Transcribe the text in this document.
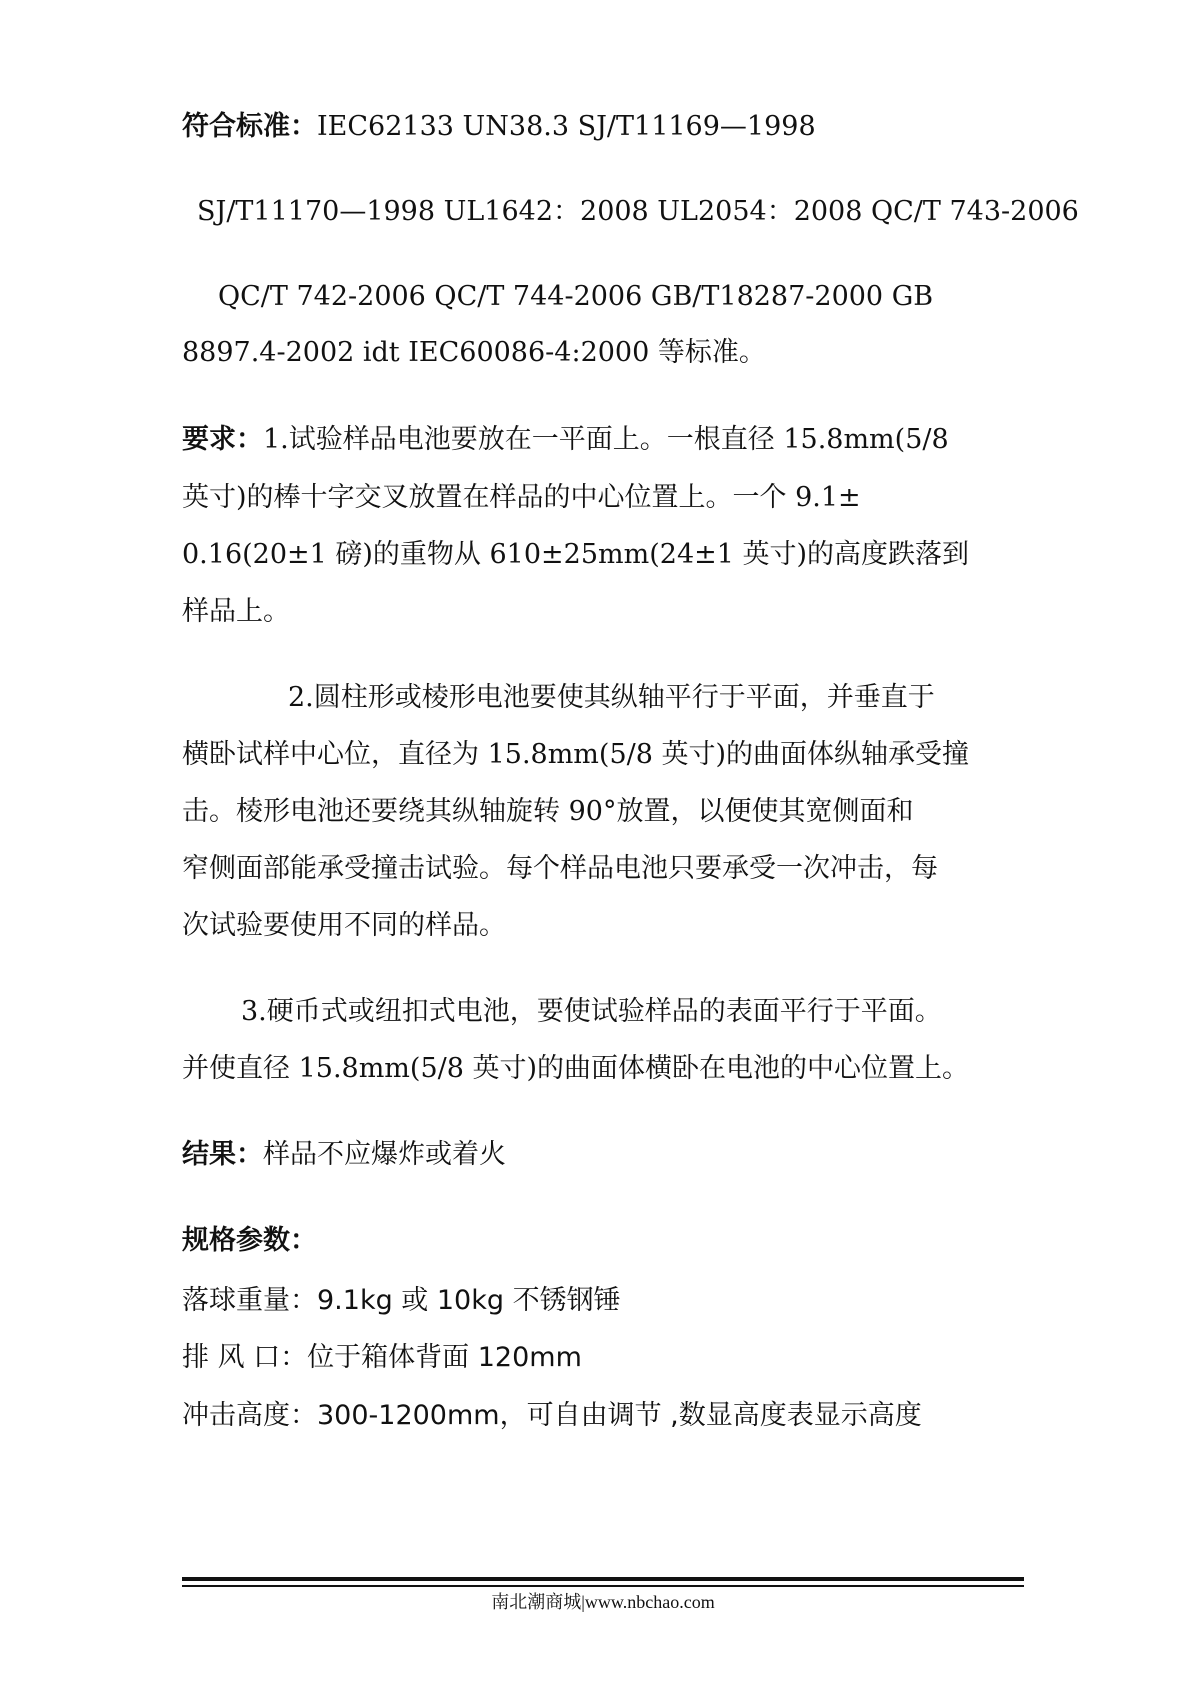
符合标准：IEC62133 UN38.3 SJ/T11169—1998
SJ/T11170—1998 UL1642：2008 UL2054：2008 QC/T 743-2006
QC/T 742-2006 QC/T 744-2006 GB/T18287-2000 GB
8897.4-2002 idt IEC60086-4:2000 等标准。
要求：1.试验样品电池要放在一平面上。一根直径 15.8mm(5/8
英寸)的棒十字交叉放置在样品的中心位置上。一个 9.1±
0.16(20±1 磅)的重物从 610±25mm(24±1 英寸)的高度跌落到
样品上。
2.圆柱形或棱形电池要使其纵轴平行于平面，并垂直于
横卧试样中心位，直径为 15.8mm(5/8 英寸)的曲面体纵轴承受撞
击。棱形电池还要绕其纵轴旋转 90°放置，以便使其宽侧面和
窄侧面部能承受撞击试验。每个样品电池只要承受一次冲击，每
次试验要使用不同的样品。
3.硬币式或纽扣式电池，要使试验样品的表面平行于平面。
并使直径 15.8mm(5/8 英寸)的曲面体横卧在电池的中心位置上。
结果：样品不应爆炸或着火
规格参数：
落球重量：9.1kg 或 10kg 不锈钢锤
排 风 口：位于箱体背面 120mm
冲击高度：300-1200mm，可自由调节 ,数显高度表显示高度
南北潮商城|www.nbchao.com
